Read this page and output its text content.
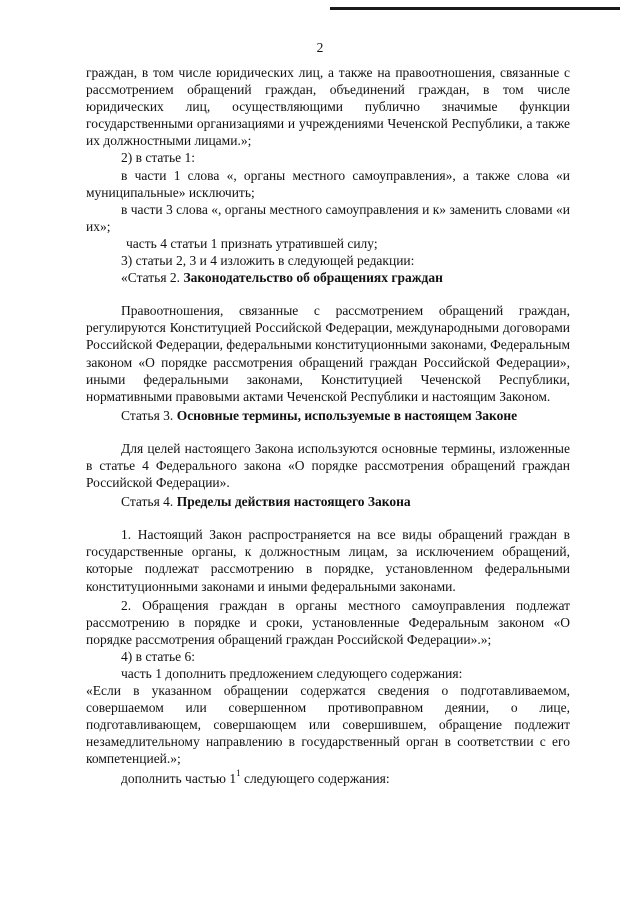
2

граждан, в том числе юридических лиц, а также на правоотношения, связанные с рассмотрением обращений граждан, объединений граждан, в том числе юридических лиц, осуществляющими публично значимые функции государственными организациями и учреждениями Чеченской Республики, а также их должностными лицами.»;

2) в статье 1:

в части 1 слова «, органы местного самоуправления», а также слова «и муниципальные» исключить;

в части 3 слова «, органы местного самоуправления и к» заменить словами «и их»;

часть 4 статьи 1 признать утратившей силу;

3) статьи 2, 3 и 4 изложить в следующей редакции:

«Статья 2. Законодательство об обращениях граждан

Правоотношения, связанные с рассмотрением обращений граждан, регулируются Конституцией Российской Федерации, международными договорами Российской Федерации, федеральными конституционными законами, Федеральным законом «О порядке рассмотрения обращений граждан Российской Федерации», иными федеральными законами, Конституцией Чеченской Республики, нормативными правовыми актами Чеченской Республики и настоящим Законом.

Статья 3. Основные термины, используемые в настоящем Законе

Для целей настоящего Закона используются основные термины, изложенные в статье 4 Федерального закона «О порядке рассмотрения обращений граждан Российской Федерации».

Статья 4. Пределы действия настоящего Закона

1. Настоящий Закон распространяется на все виды обращений граждан в государственные органы, к должностным лицам, за исключением обращений, которые подлежат рассмотрению в порядке, установленном федеральными конституционными законами и иными федеральными законами.

2. Обращения граждан в органы местного самоуправления подлежат рассмотрению в порядке и сроки, установленные Федеральным законом «О порядке рассмотрения обращений граждан Российской Федерации».»;

4) в статье 6:

часть 1 дополнить предложением следующего содержания:

«Если в указанном обращении содержатся сведения о подготавливаемом, совершаемом или совершенном противоправном деянии, о лице, подготавливающем, совершающем или совершившем, обращение подлежит незамедлительному направлению в государственный орган в соответствии с его компетенцией.»;

дополнить частью $1^1$ следующего содержания:
